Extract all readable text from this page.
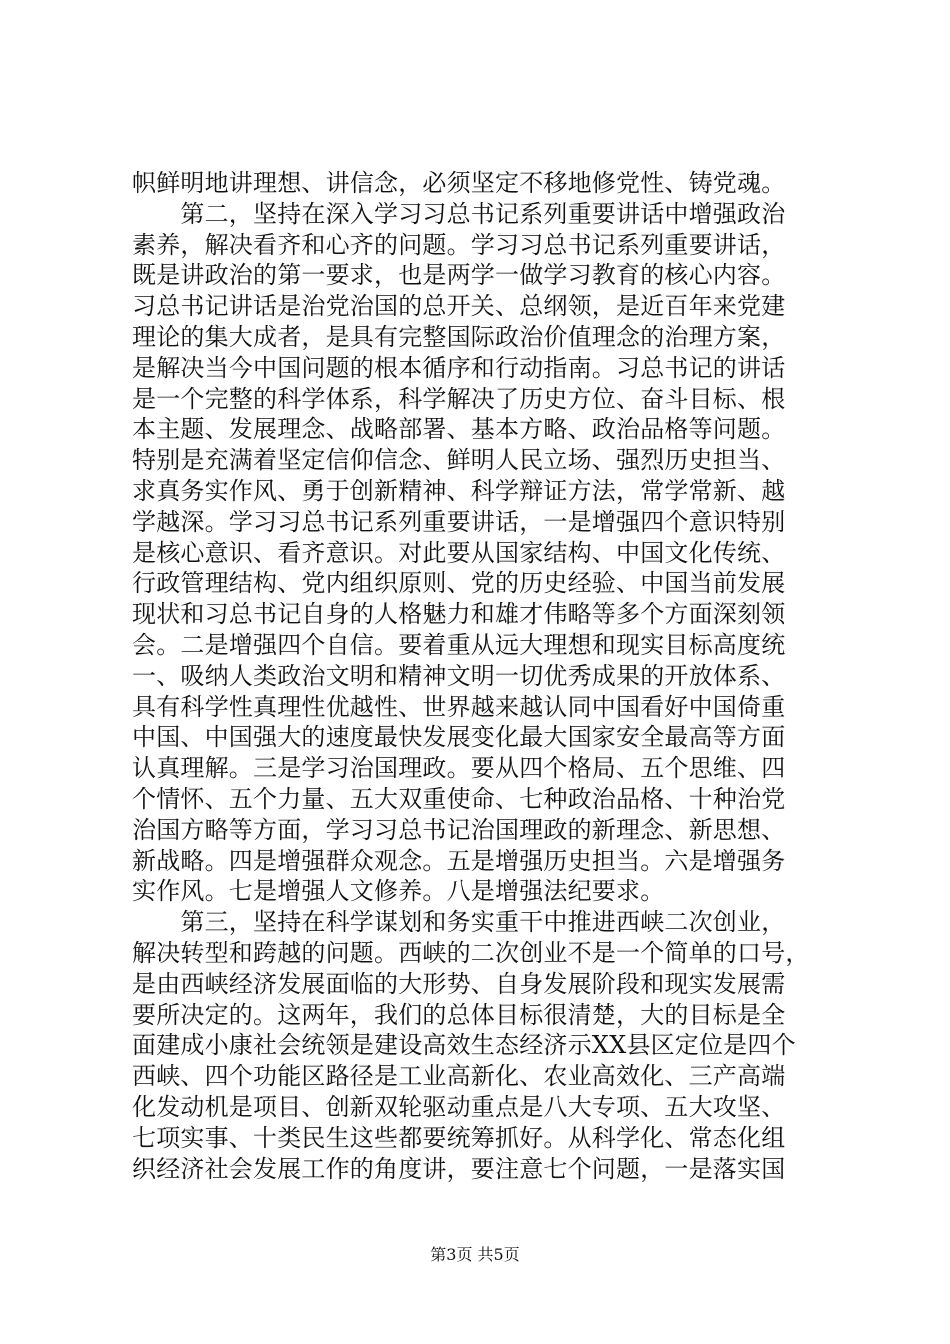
帜鲜明地讲理想、讲信念，必须坚定不移地修党性、铸党魂。
　　第二，坚持在深入学习习总书记系列重要讲话中增强政治
素养，解决看齐和心齐的问题。学习习总书记系列重要讲话，
既是讲政治的第一要求，也是两学一做学习教育的核心内容。
习总书记讲话是治党治国的总开关、总纲领，是近百年来党建
理论的集大成者，是具有完整国际政治价值理念的治理方案，
是解决当今中国问题的根本循序和行动指南。习总书记的讲话
是一个完整的科学体系，科学解决了历史方位、奋斗目标、根
本主题、发展理念、战略部署、基本方略、政治品格等问题。
特别是充满着坚定信仰信念、鲜明人民立场、强烈历史担当、
求真务实作风、勇于创新精神、科学辩证方法，常学常新、越
学越深。学习习总书记系列重要讲话，一是增强四个意识特别
是核心意识、看齐意识。对此要从国家结构、中国文化传统、
行政管理结构、党内组织原则、党的历史经验、中国当前发展
现状和习总书记自身的人格魅力和雄才伟略等多个方面深刻领
会。二是增强四个自信。要着重从远大理想和现实目标高度统
一、吸纳人类政治文明和精神文明一切优秀成果的开放体系、
具有科学性真理性优越性、世界越来越认同中国看好中国倚重
中国、中国强大的速度最快发展变化最大国家安全最高等方面
认真理解。三是学习治国理政。要从四个格局、五个思维、四
个情怀、五个力量、五大双重使命、七种政治品格、十种治党
治国方略等方面，学习习总书记治国理政的新理念、新思想、
新战略。四是增强群众观念。五是增强历史担当。六是增强务
实作风。七是增强人文修养。八是增强法纪要求。
　　第三，坚持在科学谋划和务实重干中推进西峡二次创业，
解决转型和跨越的问题。西峡的二次创业不是一个简单的口号，
是由西峡经济发展面临的大形势、自身发展阶段和现实发展需
要所决定的。这两年，我们的总体目标很清楚，大的目标是全
面建成小康社会统领是建设高效生态经济示XX县区定位是四个
西峡、四个功能区路径是工业高新化、农业高效化、三产高端
化发动机是项目、创新双轮驱动重点是八大专项、五大攻坚、
七项实事、十类民生这些都要统筹抓好。从科学化、常态化组
织经济社会发展工作的角度讲，要注意七个问题，一是落实国
第3页 共5页
